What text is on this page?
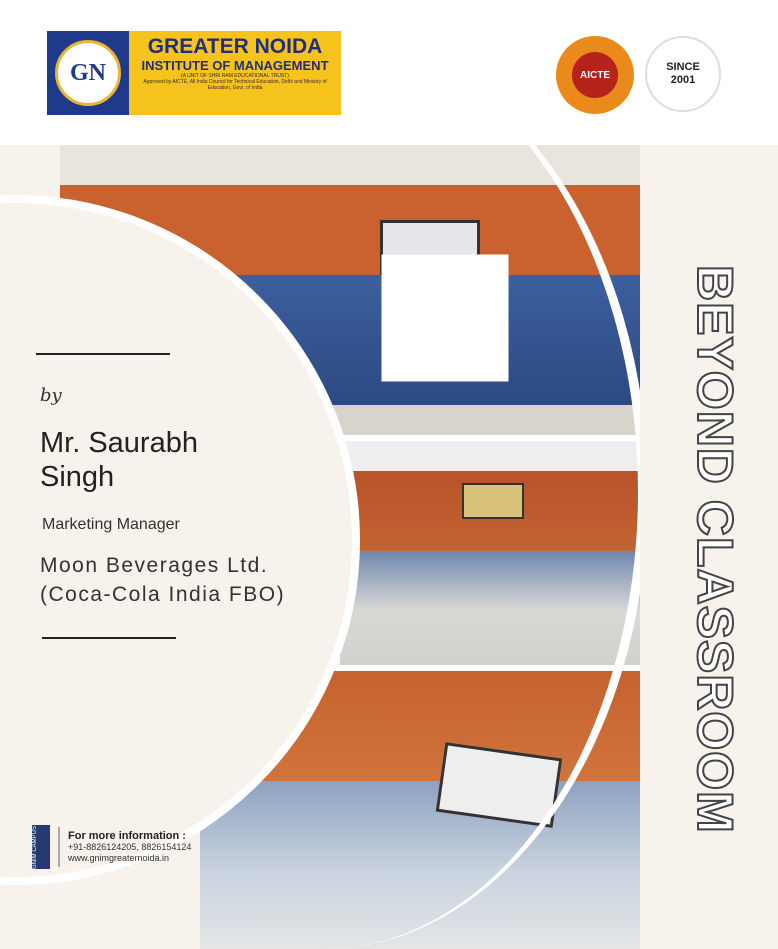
GN
GREATER NOIDA
INSTITUTE OF MANAGEMENT
(A UNIT OF SHRI RAM EDUCATIONAL TRUST)
Approved by AICTE, All India Council for Technical Education, Delhi and Ministry of Education, Govt. of India
AICTE
SINCE
2001
by
Mr. Saurabh
Singh
Marketing Manager
Moon Beverages Ltd.
(Coca-Cola India FBO)	BEYOND CLASSROOM
GNIM CAMPUS	For more information :
+91-8826124205, 8826154124
www.gnimgreaternoida.in
